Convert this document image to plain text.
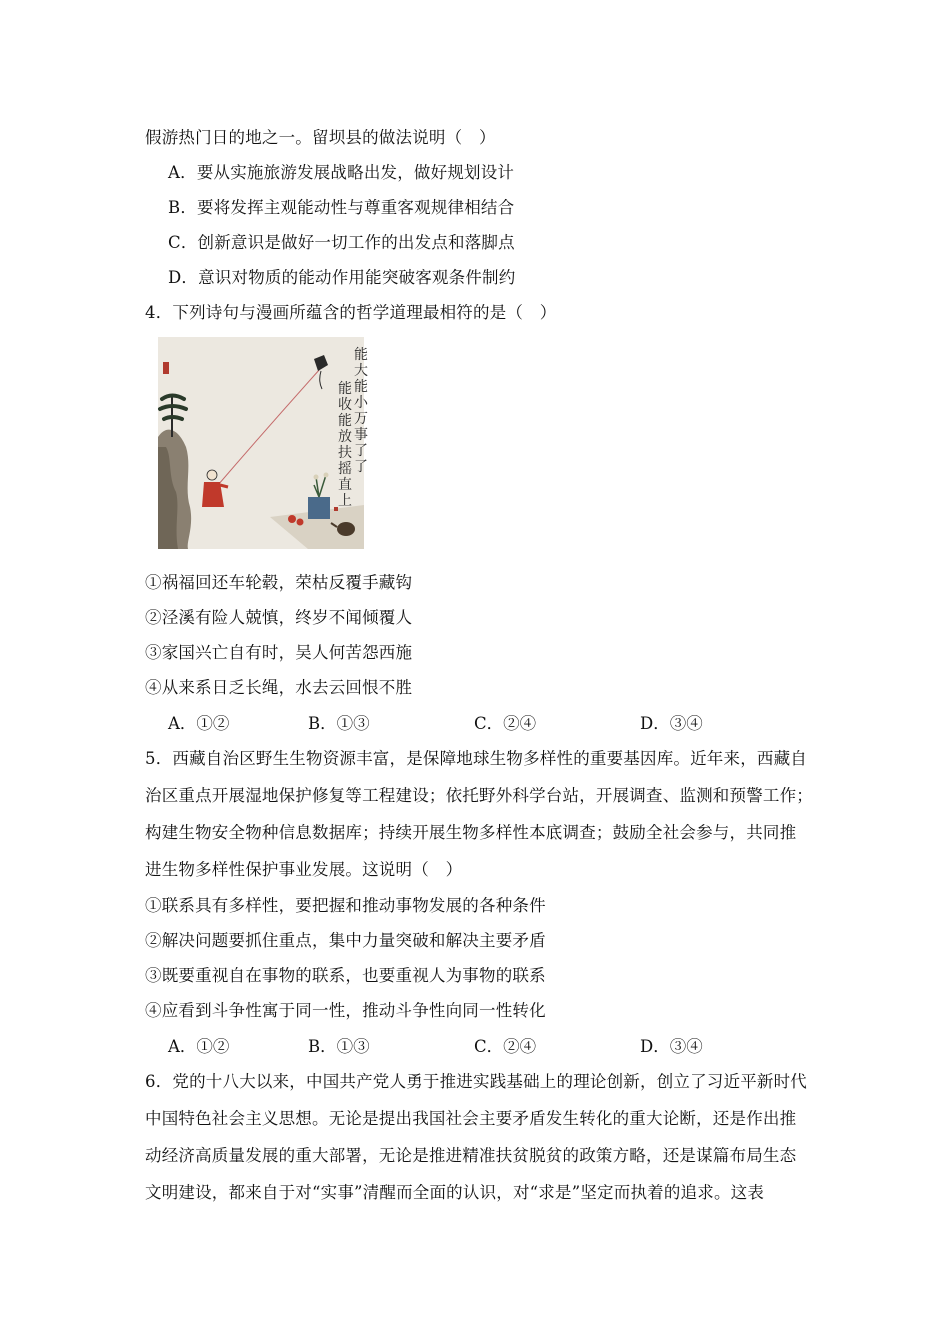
假游热门日的地之一。留坝县的做法说明（　）
A．要从实施旅游发展战略出发，做好规划设计
B．要将发挥主观能动性与尊重客观规律相结合
C．创新意识是做好一切工作的出发点和落脚点
D．意识对物质的能动作用能突破客观条件制约
4．下列诗句与漫画所蕴含的哲学道理最相符的是（　）
能大能小万事了了
能收能放扶摇直上
①祸福回还车轮毂，荣枯反覆手藏钩
②泾溪有险人兢慎，终岁不闻倾覆人
③家国兴亡自有时，吴人何苦怨西施
④从来系日乏长绳，水去云回恨不胜
A．①②	B．①③	C．②④	D．③④
5．西藏自治区野生生物资源丰富，是保障地球生物多样性的重要基因库。近年来，西藏自
治区重点开展湿地保护修复等工程建设；依托野外科学台站，开展调查、监测和预警工作；
构建生物安全物种信息数据库；持续开展生物多样性本底调查；鼓励全社会参与，共同推
进生物多样性保护事业发展。这说明（　）
①联系具有多样性，要把握和推动事物发展的各种条件
②解决问题要抓住重点，集中力量突破和解决主要矛盾
③既要重视自在事物的联系，也要重视人为事物的联系
④应看到斗争性寓于同一性，推动斗争性向同一性转化
A．①②	B．①③	C．②④	D．③④
6．党的十八大以来，中国共产党人勇于推进实践基础上的理论创新，创立了习近平新时代
中国特色社会主义思想。无论是提出我国社会主要矛盾发生转化的重大论断，还是作出推
动经济高质量发展的重大部署，无论是推进精准扶贫脱贫的政策方略，还是谋篇布局生态
文明建设，都来自于对“实事”清醒而全面的认识，对“求是”坚定而执着的追求。这表
